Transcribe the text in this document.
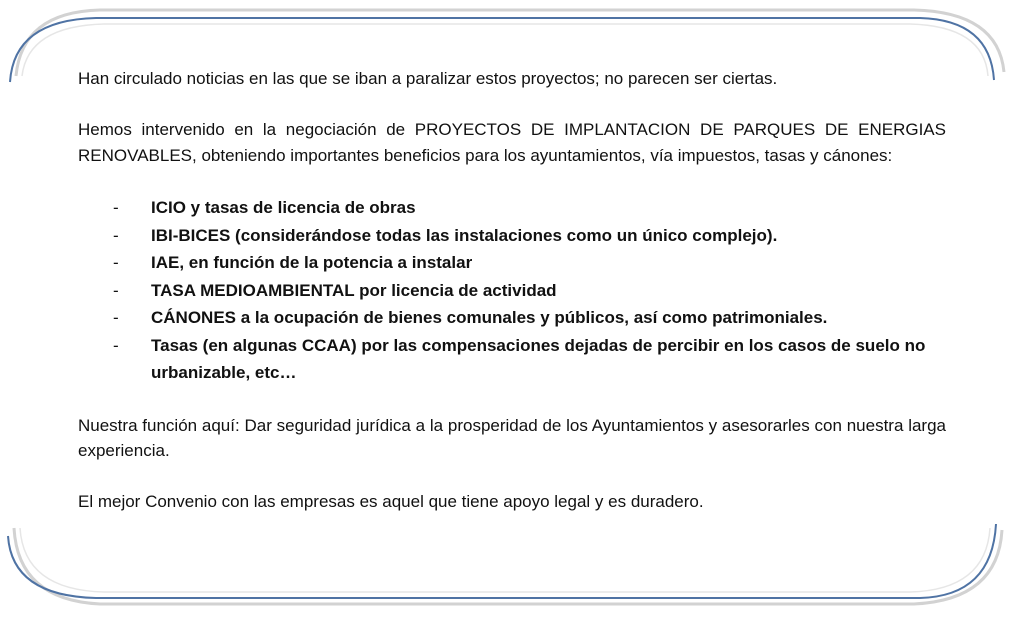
Han circulado noticias en las que se iban a paralizar estos proyectos; no parecen ser ciertas.

Hemos intervenido en la negociación de PROYECTOS DE IMPLANTACION DE PARQUES DE ENERGIAS RENOVABLES, obteniendo importantes beneficios para los ayuntamientos, vía impuestos, tasas y cánones:

- ICIO y tasas de licencia de obras
- IBI-BICES (considerándose todas las instalaciones como un único complejo).
- IAE, en función de la potencia a instalar
- TASA MEDIOAMBIENTAL por licencia de actividad
- CÁNONES a la ocupación de bienes comunales y públicos, así como patrimoniales.
- Tasas (en algunas CCAA) por las compensaciones dejadas de percibir en los casos de suelo no urbanizable, etc…

Nuestra función aquí: Dar seguridad jurídica a la prosperidad de los Ayuntamientos y asesorarles con nuestra larga experiencia.

El mejor Convenio con las empresas es aquel que tiene apoyo legal y es duradero.
